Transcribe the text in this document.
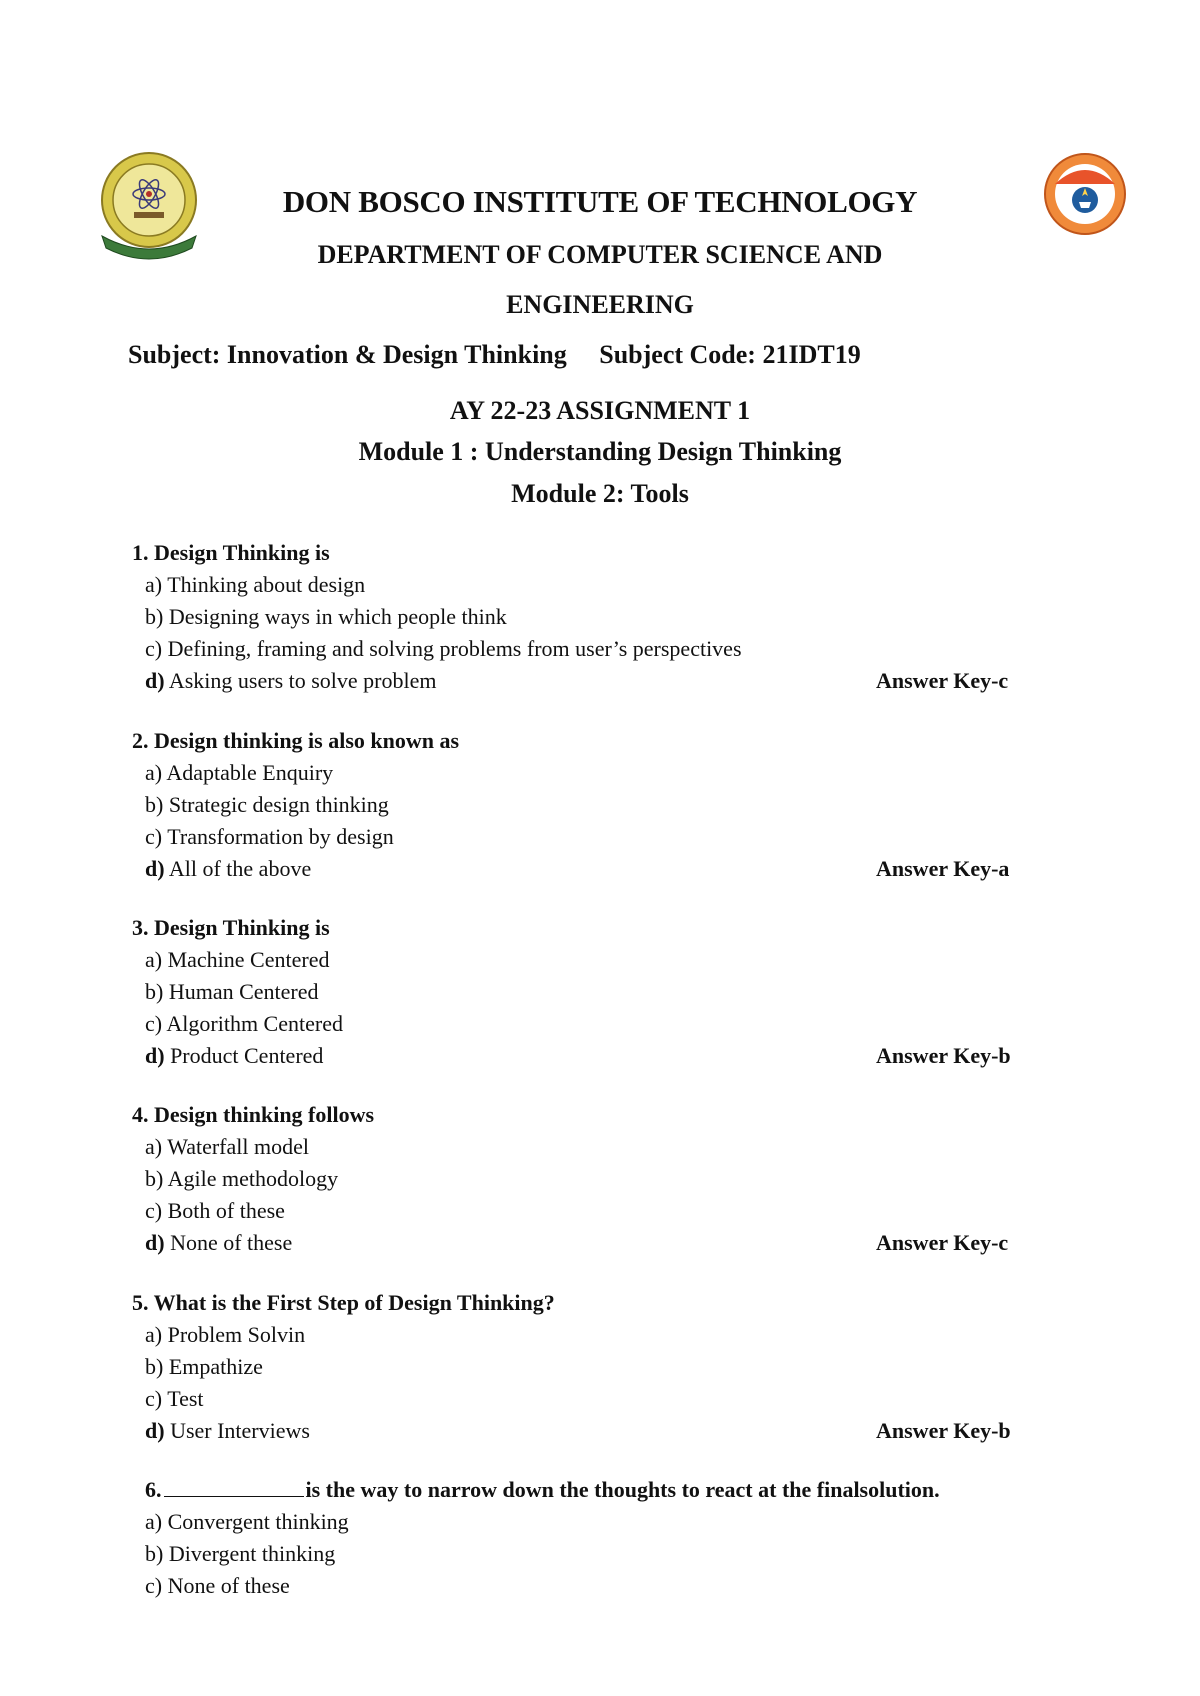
DON BOSCO INSTITUTE OF TECHNOLOGY
DEPARTMENT OF COMPUTER SCIENCE AND
ENGINEERING
Subject: Innovation & Design Thinking     Subject Code: 21IDT19
AY 22-23 ASSIGNMENT 1
Module 1 : Understanding Design Thinking
Module 2: Tools
1. Design Thinking is
a) Thinking about design
b) Designing ways in which people think
c) Defining, framing and solving problems from user’s perspectives
d) Asking users to solve problem	Answer Key-c
2. Design thinking is also known as
a) Adaptable Enquiry
b) Strategic design thinking
c) Transformation by design
d) All of the above	Answer Key-a
3. Design Thinking is
a) Machine Centered
b) Human Centered
c) Algorithm Centered
d) Product Centered	Answer Key-b
4. Design thinking follows
a) Waterfall model
b) Agile methodology
c) Both of these
d) None of these	Answer Key-c
5. What is the First Step of Design Thinking?
a) Problem Solvin
b) Empathize
c) Test
d) User Interviews	Answer Key-b
6.	is the way to narrow down the thoughts to react at the finalsolution.
a) Convergent thinking
b) Divergent thinking
c) None of these
